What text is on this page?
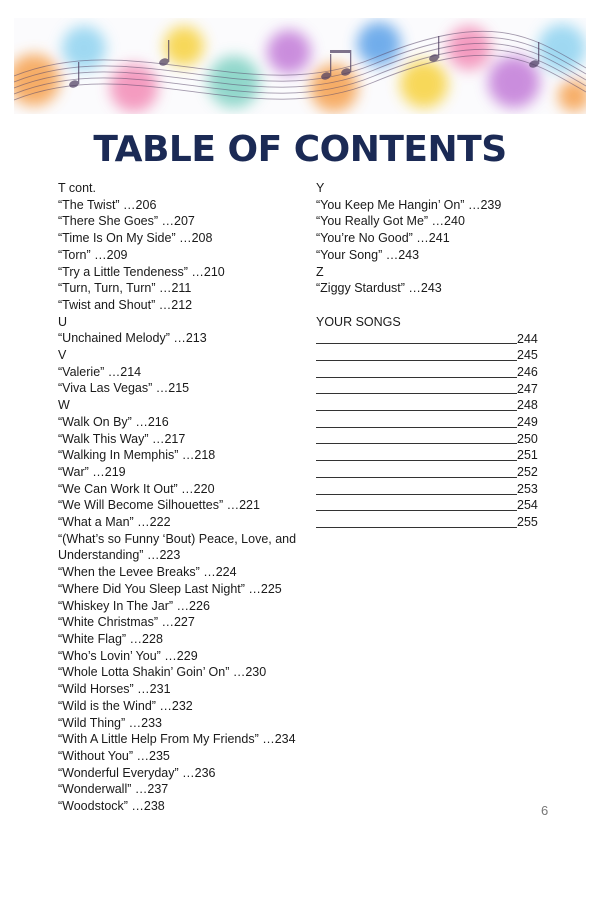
TABLE OF CONTENTS
T cont.
“The Twist” …206
“There She Goes” …207
“Time Is On My Side” …208
“Torn” …209
“Try a Little Tendeness” …210
“Turn, Turn, Turn” …211
“Twist and Shout” …212
U
“Unchained Melody” …213
V
“Valerie” …214
“Viva Las Vegas” …215
W
“Walk On By” …216
“Walk This Way” …217
“Walking In Memphis” …218
“War” …219
“We Can Work It Out” …220
“We Will Become Silhouettes” …221
“What a Man” …222
“(What’s so Funny ‘Bout) Peace, Love, and Understanding” …223
“When the Levee Breaks” …224
“Where Did You Sleep Last Night” …225
“Whiskey In The Jar” …226
“White Christmas” …227
“White Flag” …228
“Who’s Lovin’ You” …229
“Whole Lotta Shakin’ Goin’ On” …230
“Wild Horses” …231
“Wild is the Wind” …232
“Wild Thing” …233
“With A Little Help From My Friends” …234
“Without You” …235
“Wonderful Everyday” …236
“Wonderwall” …237
“Woodstock” …238
Y
“You Keep Me Hangin’ On” …239
“You Really Got Me” …240
“You’re No Good” …241
“Your Song” …243
Z
“Ziggy Stardust” …243
YOUR SONGS
244
245
246
247
248
249
250
251
252
253
254
255
6
